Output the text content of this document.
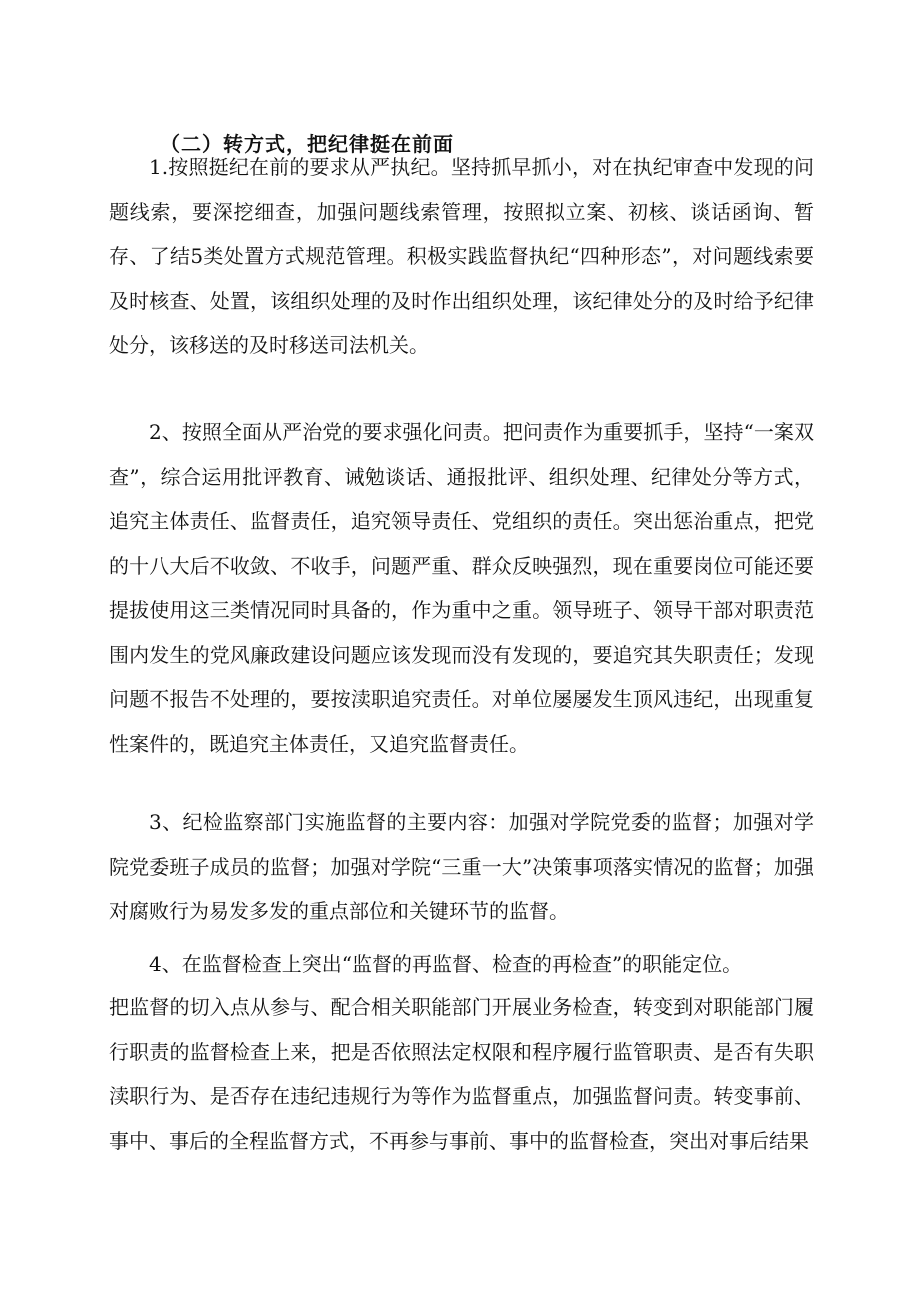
（二）转方式，把纪律挺在前面

1.按照挺纪在前的要求从严执纪。坚持抓早抓小，对在执纪审查中发现的问题线索，要深挖细查，加强问题线索管理，按照拟立案、初核、谈话函询、暂存、了结5类处置方式规范管理。积极实践监督执纪“四种形态”，对问题线索要及时核查、处置，该组织处理的及时作出组织处理，该纪律处分的及时给予纪律处分，该移送的及时移送司法机关。

2、按照全面从严治党的要求强化问责。把问责作为重要抓手，坚持“一案双查”，综合运用批评教育、诫勉谈话、通报批评、组织处理、纪律处分等方式，追究主体责任、监督责任，追究领导责任、党组织的责任。突出惩治重点，把党的十八大后不收敛、不收手，问题严重、群众反映强烈，现在重要岗位可能还要提拔使用这三类情况同时具备的，作为重中之重。领导班子、领导干部对职责范围内发生的党风廉政建设问题应该发现而没有发现的，要追究其失职责任；发现问题不报告不处理的，要按渎职追究责任。对单位屡屡发生顶风违纪，出现重复性案件的，既追究主体责任，又追究监督责任。

3、纪检监察部门实施监督的主要内容：加强对学院党委的监督；加强对学院党委班子成员的监督；加强对学院“三重一大”决策事项落实情况的监督；加强对腐败行为易发多发的重点部位和关键环节的监督。

4、在监督检查上突出“监督的再监督、检查的再检查”的职能定位。

把监督的切入点从参与、配合相关职能部门开展业务检查，转变到对职能部门履行职责的监督检查上来，把是否依照法定权限和程序履行监管职责、是否有失职渎职行为、是否存在违纪违规行为等作为监督重点，加强监督问责。转变事前、事中、事后的全程监督方式，不再参与事前、事中的监督检查，突出对事后结果
